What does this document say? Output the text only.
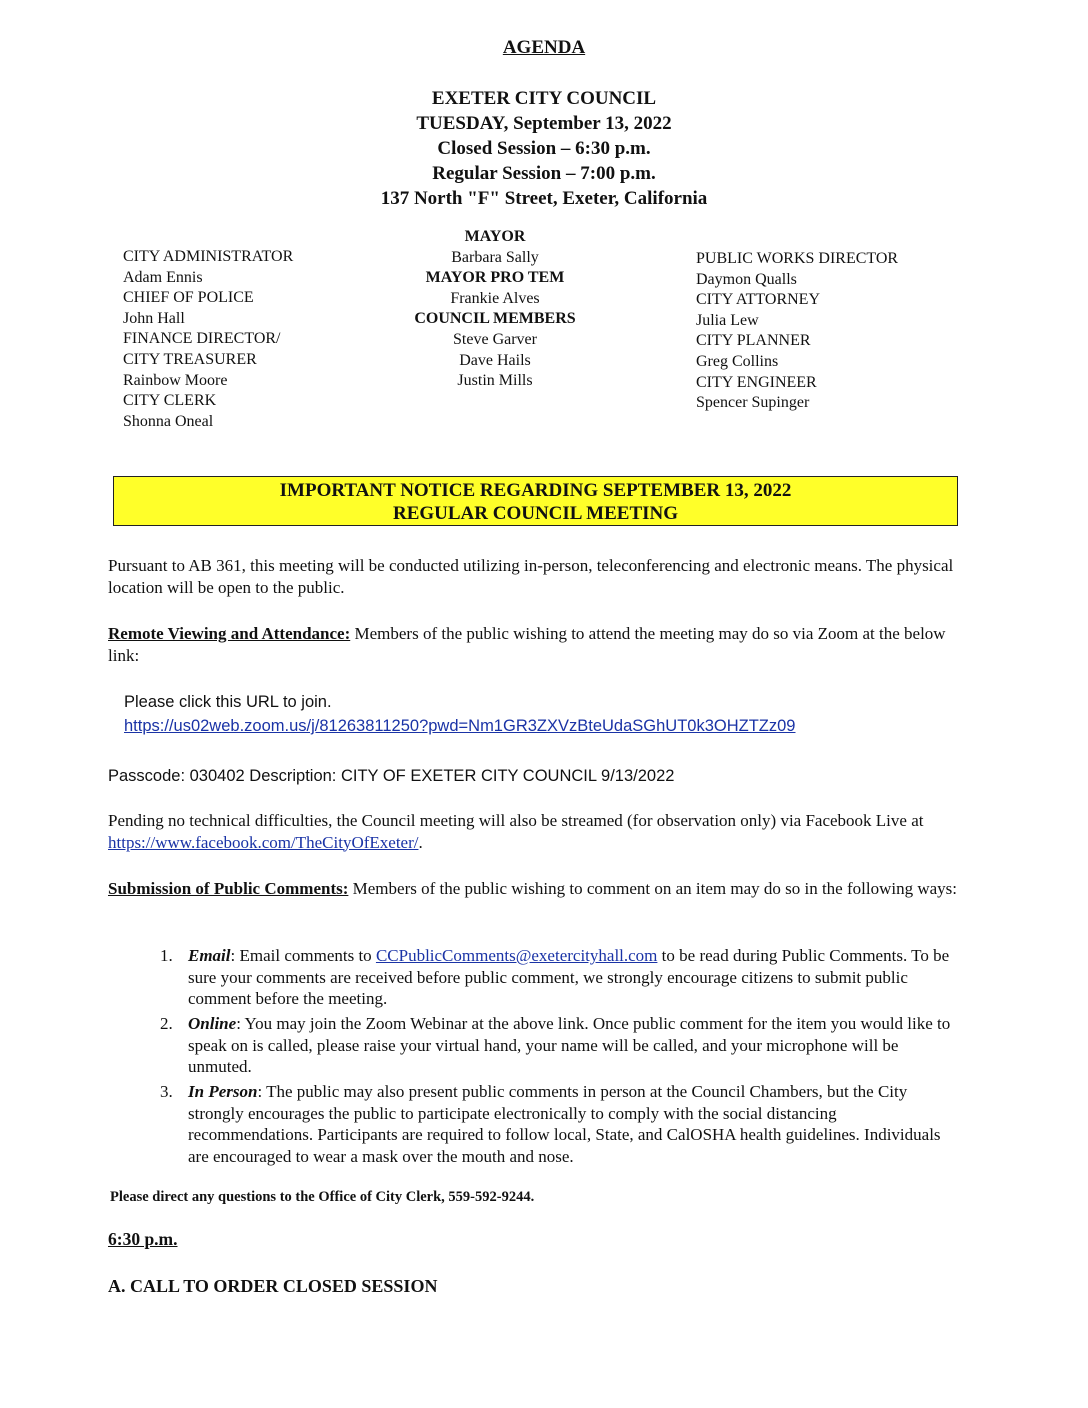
AGENDA
EXETER CITY COUNCIL
TUESDAY, September 13, 2022
Closed Session – 6:30 p.m.
Regular Session – 7:00 p.m.
137 North "F" Street, Exeter, California
CITY ADMINISTRATOR
Adam Ennis
CHIEF OF POLICE
John Hall
FINANCE DIRECTOR/
CITY TREASURER
Rainbow Moore
CITY CLERK
Shonna Oneal
MAYOR
Barbara Sally
MAYOR PRO TEM
Frankie Alves
COUNCIL MEMBERS
Steve Garver
Dave Hails
Justin Mills
PUBLIC WORKS DIRECTOR
Daymon Qualls
CITY ATTORNEY
Julia Lew
CITY PLANNER
Greg Collins
CITY ENGINEER
Spencer Supinger
IMPORTANT NOTICE REGARDING SEPTEMBER 13, 2022
REGULAR COUNCIL MEETING
Pursuant to AB 361, this meeting will be conducted utilizing in-person, teleconferencing and electronic means. The physical location will be open to the public.
Remote Viewing and Attendance: Members of the public wishing to attend the meeting may do so via Zoom at the below link:
Please click this URL to join.
https://us02web.zoom.us/j/81263811250?pwd=Nm1GR3ZXVzBteUdaSGhUT0k3OHZTZz09
Passcode: 030402 Description: CITY OF EXETER CITY COUNCIL 9/13/2022
Pending no technical difficulties, the Council meeting will also be streamed (for observation only) via Facebook Live at https://www.facebook.com/TheCityOfExeter/.
Submission of Public Comments: Members of the public wishing to comment on an item may do so in the following ways:
1. Email: Email comments to CCPublicComments@exetercityhall.com to be read during Public Comments. To be sure your comments are received before public comment, we strongly encourage citizens to submit public comment before the meeting.
2. Online: You may join the Zoom Webinar at the above link. Once public comment for the item you would like to speak on is called, please raise your virtual hand, your name will be called, and your microphone will be unmuted.
3. In Person: The public may also present public comments in person at the Council Chambers, but the City strongly encourages the public to participate electronically to comply with the social distancing recommendations. Participants are required to follow local, State, and CalOSHA health guidelines. Individuals are encouraged to wear a mask over the mouth and nose.
Please direct any questions to the Office of City Clerk, 559-592-9244.
6:30 p.m.
A. CALL TO ORDER CLOSED SESSION
